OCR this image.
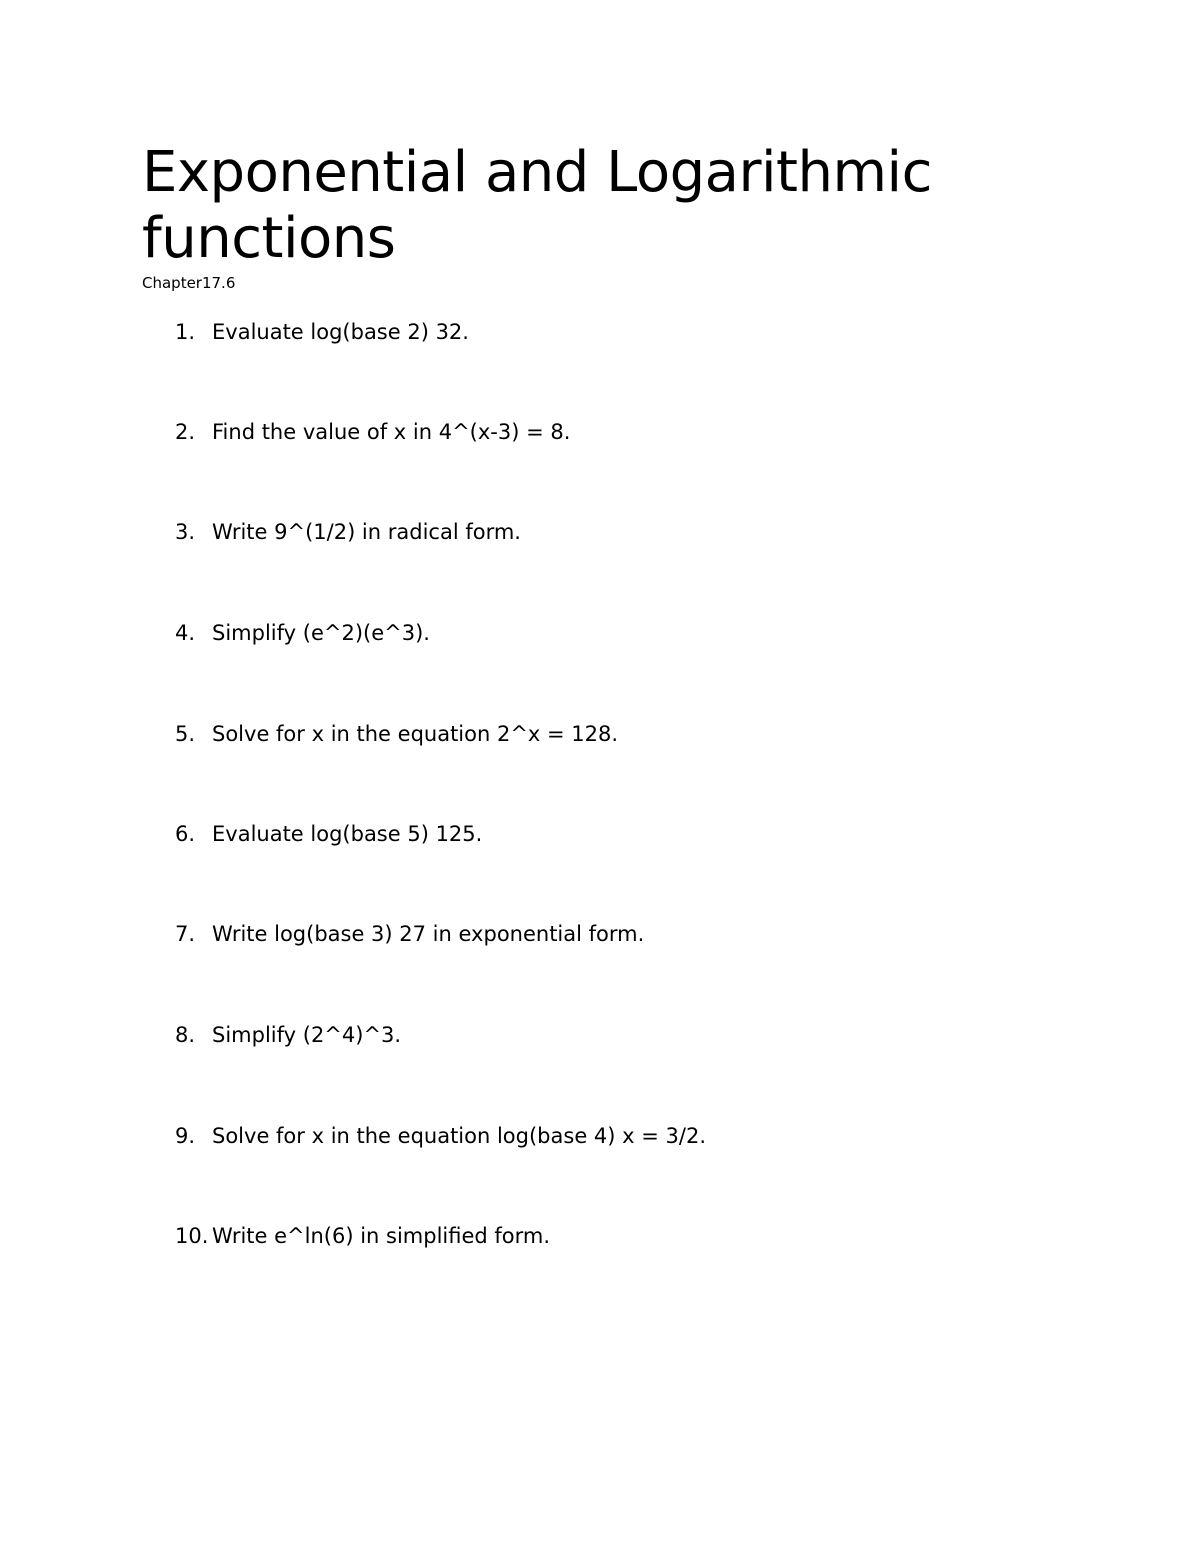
Exponential and Logarithmic functions

Chapter17.6

1. Evaluate log(base 2) 32.
2. Find the value of x in 4^(x-3) = 8.
3. Write 9^(1/2) in radical form.
4. Simplify (e^2)(e^3).
5. Solve for x in the equation 2^x = 128.
6. Evaluate log(base 5) 125.
7. Write log(base 3) 27 in exponential form.
8. Simplify (2^4)^3.
9. Solve for x in the equation log(base 4) x = 3/2.
10. Write e^ln(6) in simplified form.
